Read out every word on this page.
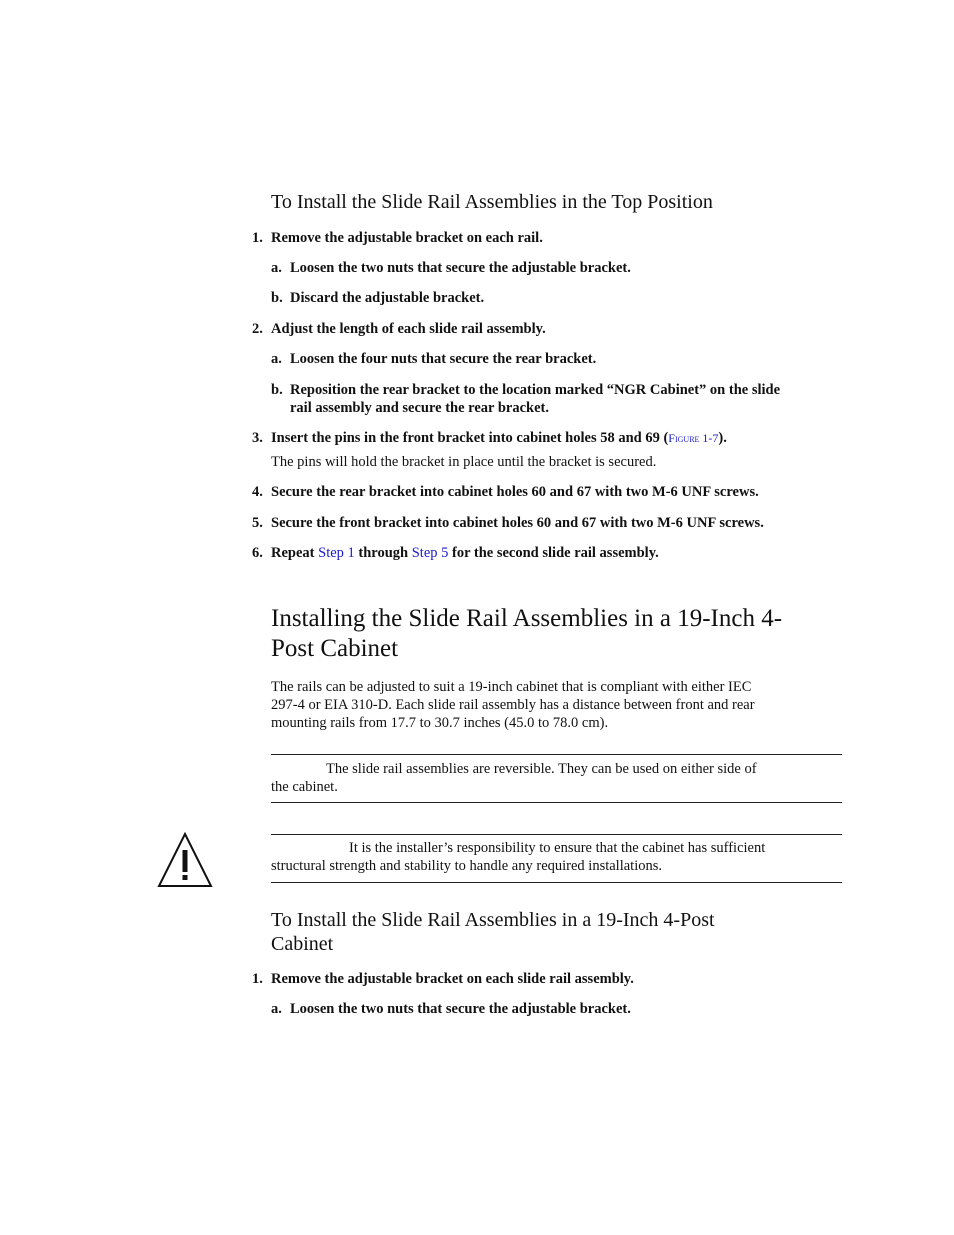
To Install the Slide Rail Assemblies in the Top Position
1. Remove the adjustable bracket on each rail.
a. Loosen the two nuts that secure the adjustable bracket.
b. Discard the adjustable bracket.
2. Adjust the length of each slide rail assembly.
a. Loosen the four nuts that secure the rear bracket.
b. Reposition the rear bracket to the location marked “NGR Cabinet” on the slide
rail assembly and secure the rear bracket.
3. Insert the pins in the front bracket into cabinet holes 58 and 69 (Figure 1-7).
The pins will hold the bracket in place until the bracket is secured.
4. Secure the rear bracket into cabinet holes 60 and 67 with two M-6 UNF screws.
5. Secure the front bracket into cabinet holes 60 and 67 with two M-6 UNF screws.
6. Repeat Step 1 through Step 5 for the second slide rail assembly.
Installing the Slide Rail Assemblies in a 19-Inch 4-
Post Cabinet
The rails can be adjusted to suit a 19-inch cabinet that is compliant with either IEC
297-4 or EIA 310-D. Each slide rail assembly has a distance between front and rear
mounting rails from 17.7 to 30.7 inches (45.0 to 78.0 cm).
The slide rail assemblies are reversible. They can be used on either side of
the cabinet.
It is the installer’s responsibility to ensure that the cabinet has sufficient
structural strength and stability to handle any required installations.
To Install the Slide Rail Assemblies in a 19-Inch 4-Post
Cabinet
1. Remove the adjustable bracket on each slide rail assembly.
a. Loosen the two nuts that secure the adjustable bracket.
